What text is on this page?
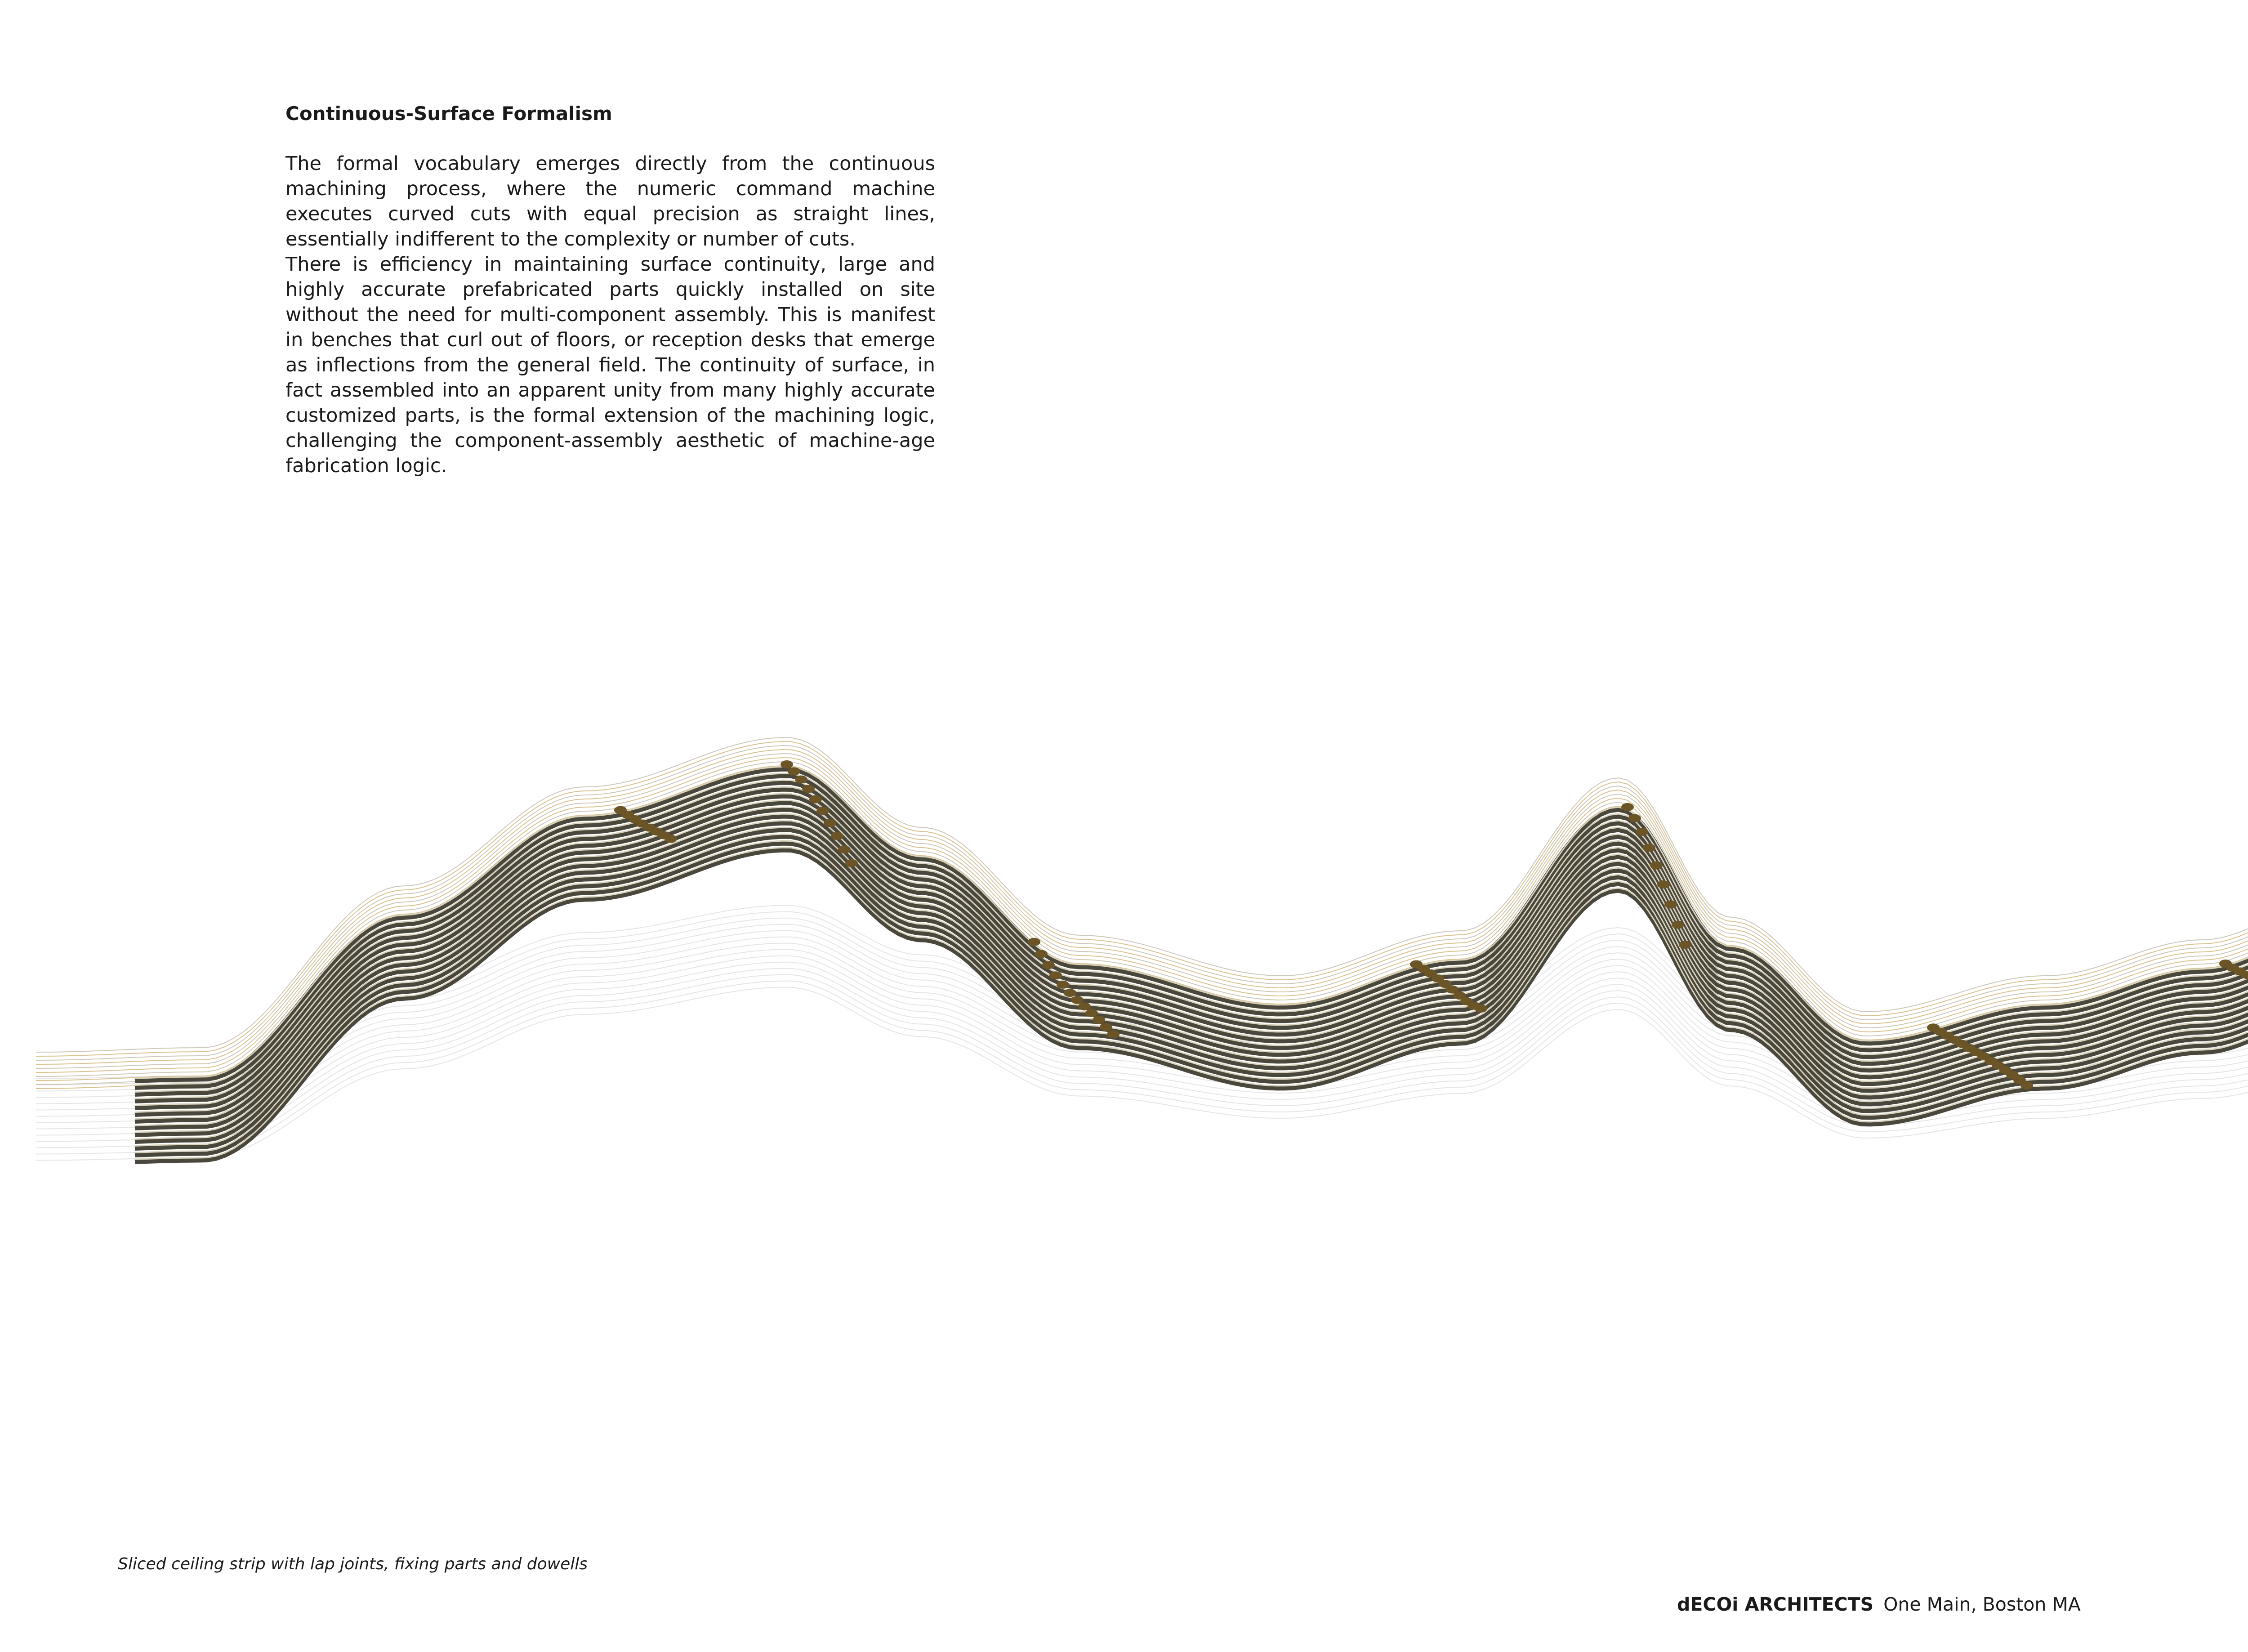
Continuous-Surface Formalism

The formal vocabulary emerges directly from the continuous machining process, where the numeric command machine executes curved cuts with equal precision as straight lines, essentially indifferent to the complexity or number of cuts.

There is efficiency in maintaining surface continuity, large and highly accurate prefabricated parts quickly installed on site without the need for multi-component assembly. This is manifest in benches that curl out of floors, or reception desks that emerge as inflections from the general field. The continuity of surface, in fact assembled into an apparent unity from many highly accurate customized parts, is the formal extension of the machining logic, challenging the component-assembly aesthetic of machine-age fabrication logic.

Sliced ceiling strip with lap joints, fixing parts and dowells
dECOi ARCHITECTS One Main, Boston MA
